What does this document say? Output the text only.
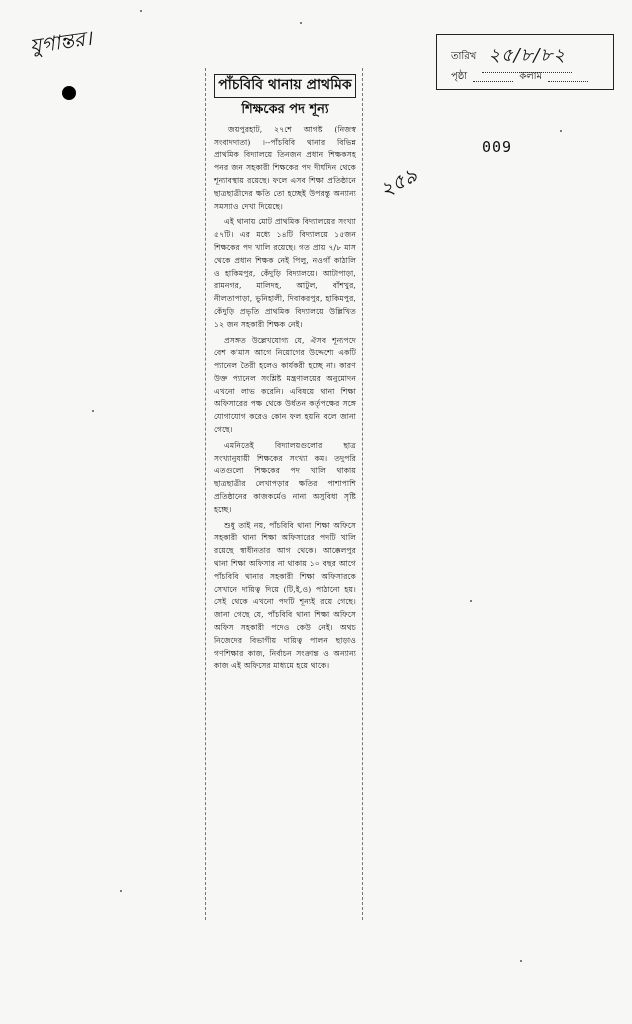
যুগান্তর।	তারিখ ২৫/৮/৮২
পৃষ্ঠা	কলাম
009
২৫৯
পাঁচবিবি থানায় প্রাথমিক
শিক্ষকের পদ শূন্য

জয়পুরহাট, ২৭শে আগষ্ট (নিজস্ব সংবাদদাতা) ।--পাঁচবিবি থানার বিভিন্ন প্রাথমিক বিদ্যালয়ে তিনজন প্রধান শিক্ষকসহ পনর জন সহকারী শিক্ষকের পদ দীর্ঘদিন থেকে শূন্যাবস্থায় রয়েছে। ফলে এসব শিক্ষা প্রতিষ্ঠানে ছাত্রছাত্রীদের ক্ষতি তো হচ্ছেই উপরন্তু অন্যান্য সমস্যাও দেখা দিয়েছে।

এই থানায় মোট প্রাথমিক বিদ্যালয়ের সংখ্যা ৫৭টি। এর মধ্যে ১৪টি বিদ্যালয়ে ১৫জন শিক্ষকের পদ খালি রয়েছে। গত প্রায় ৭/৮ মাস থেকে প্রধান শিক্ষক নেই পিলু, নওগাঁ কাঠালি ও হাকিমপুর, কেঁদুড়ি বিদ্যালয়ে। আটাপাড়া, রামনগর, মালিদহ, আটুল, বাঁশখুর, নীলতাপাড়া, ভুনিহালী, দিবাকরপুর, হাকিমপুর, কেঁদুড়ি প্রভৃতি প্রাথমিক বিদ্যালয়ে উল্লিখিত ১২ জন সহকারী শিক্ষক নেই।

প্রসঙ্গত উল্লেখযোগ্য যে, ঐসব শূন্যপদে বেশ ক'মাস আগে নিয়োগের উদ্দেশ্যে একটি প্যানেল তৈরী হলেও কার্যকরী হচ্ছে না। কারণ উক্ত প্যানেল সংশ্লিষ্ট মন্ত্রণালয়ের অনুমোদন এখনো লাভ করেনি। এবিষয়ে থানা শিক্ষা অফিসারের পক্ষ থেকে উর্ধতন কর্তৃপক্ষের সঙ্গে যোগাযোগ করেও কোন ফল হয়নি বলে জানা গেছে।

এমনিতেই বিদ্যালয়গুলোর ছাত্র সংখ্যানুযায়ী শিক্ষকের সংখ্যা কম। তদুপরি এতগুলো শিক্ষকের পদ খালি থাকায় ছাত্রছাত্রীর লেখাপড়ার ক্ষতির পাশাপাশি প্রতিষ্ঠানের কাজকর্মেও নানা অসুবিধা সৃষ্টি হচ্ছে।

শুধু তাই নয়, পাঁচবিবি থানা শিক্ষা অফিসে সহকারী থানা শিক্ষা অফিসারের পদটি খালি রয়েছে স্বাধীনতার আগ থেকে। আক্কেলপুর থানা শিক্ষা অফিসার না থাকায় ১০ বছর আগে পাঁচবিবি থানার সহকারী শিক্ষা অফিসারকে সেখানে দায়িত্ব দিয়ে (টি,ই,ও) পাঠানো হয়। সেই থেকে এখনো পদটি শূন্যই রয়ে গেছে। জানা গেছে যে, পাঁচবিবি থানা শিক্ষা অফিসে অফিস সহকারী পদেও কেউ নেই। অথচ নিজেদের বিভাগীয় দায়িত্ব পালন ছাড়াও গণশিক্ষার কাজ, নির্বাচন সংক্রান্ত ও অন্যান্য কাজ এই অফিসের মাধ্যমে হয়ে থাকে।
